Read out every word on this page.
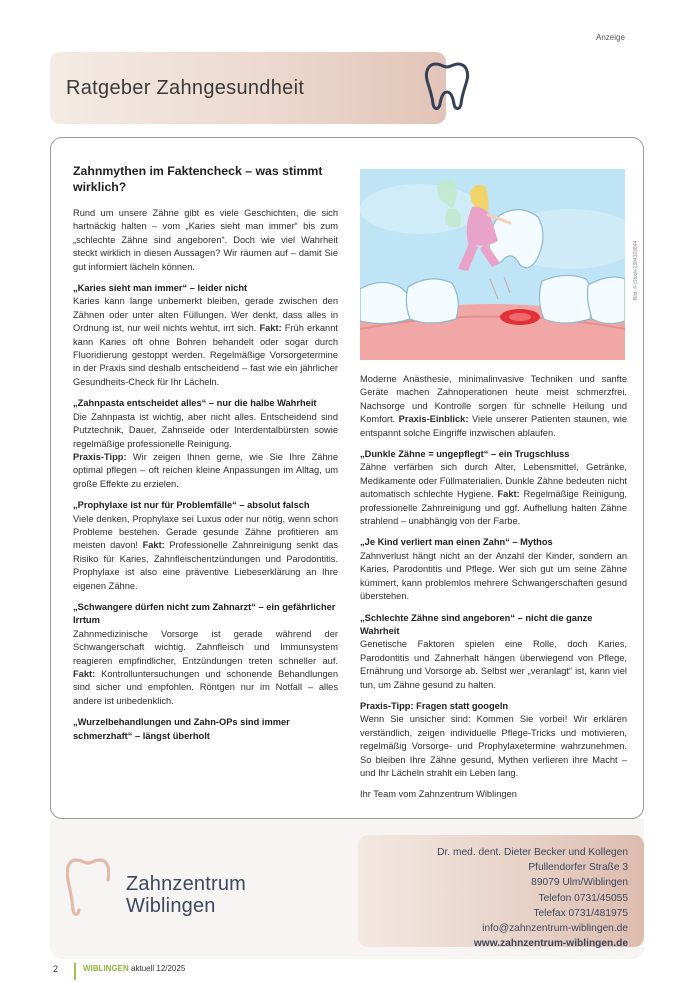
Anzeige
Ratgeber Zahngesundheit
Zahnmythen im Faktencheck – was stimmt wirklich?

Rund um unsere Zähne gibt es viele Geschichten, die sich hartnäckig halten – vom „Karies sieht man immer“ bis zum „schlechte Zähne sind angeboren“. Doch wie viel Wahrheit steckt wirklich in diesen Aussagen? Wir räumen auf – damit Sie gut informiert lächeln können.

„Karies sieht man immer“ – leider nicht

Karies kann lange unbemerkt bleiben, gerade zwischen den Zähnen oder unter alten Füllungen. Wer denkt, dass alles in Ordnung ist, nur weil nichts wehtut, irrt sich. Fakt: Früh erkannt kann Karies oft ohne Bohren behandelt oder sogar durch Fluoridierung gestoppt werden. Regelmäßige Vorsorgetermine in der Praxis sind deshalb entscheidend – fast wie ein jährlicher Gesundheits-Check für Ihr Lächeln.

„Zahnpasta entscheidet alles“ – nur die halbe Wahrheit

Die Zahnpasta ist wichtig, aber nicht alles. Entscheidend sind Putztechnik, Dauer, Zahnseide oder Interdentalbürsten sowie regelmäßige professionelle Reinigung.

Praxis-Tipp: Wir zeigen Ihnen gerne, wie Sie Ihre Zähne optimal pflegen – oft reichen kleine Anpassungen im Alltag, um große Effekte zu erzielen.

„Prophylaxe ist nur für Problemfälle“ – absolut falsch

Viele denken, Prophylaxe sei Luxus oder nur nötig, wenn schon Probleme bestehen. Gerade gesunde Zähne profitieren am meisten davon! Fakt: Professionelle Zahnreinigung senkt das Risiko für Karies, Zahnfleischentzündungen und Parodontitis. Prophylaxe ist also eine präventive Liebeserklärung an Ihre eigenen Zähne.

„Schwangere dürfen nicht zum Zahnarzt“ – ein gefährlicher Irrtum

Zahnmedizinische Vorsorge ist gerade während der Schwangerschaft wichtig. Zahnfleisch und Immunsystem reagieren empfindlicher, Entzündungen treten schneller auf. Fakt: Kontrolluntersuchungen und schonende Behandlungen sind sicher und empfohlen. Röntgen nur im Notfall – alles andere ist unbedenklich.

„Wurzelbehandlungen und Zahn-OPs sind immer schmerzhaft“ – längst überholt
Bild: © iStock-1304323844

Moderne Anästhesie, minimalinvasive Techniken und sanfte Geräte machen Zahnoperationen heute meist schmerzfrei. Nachsorge und Kontrolle sorgen für schnelle Heilung und Komfort. Praxis-Einblick: Viele unserer Patienten staunen, wie entspannt solche Eingriffe inzwischen ablaufen.

„Dunkle Zähne = ungepflegt“ – ein Trugschluss

Zähne verfärben sich durch Alter, Lebensmittel, Getränke, Medikamente oder Füllmaterialien. Dunkle Zähne bedeuten nicht automatisch schlechte Hygiene. Fakt: Regelmäßige Reinigung, professionelle Zahnreinigung und ggf. Aufhellung halten Zähne strahlend – unabhängig von der Farbe.

„Je Kind verliert man einen Zahn“ – Mythos

Zahnverlust hängt nicht an der Anzahl der Kinder, sondern an Karies, Parodontitis und Pflege. Wer sich gut um seine Zähne kümmert, kann problemlos mehrere Schwangerschaften gesund überstehen.

„Schlechte Zähne sind angeboren“ – nicht die ganze Wahrheit

Genetische Faktoren spielen eine Rolle, doch Karies, Parodontitis und Zahnerhalt hängen überwiegend von Pflege, Ernährung und Vorsorge ab. Selbst wer „veranlagt“ ist, kann viel tun, um Zähne gesund zu halten.

Praxis-Tipp: Fragen statt googeln

Wenn Sie unsicher sind: Kommen Sie vorbei! Wir erklären verständlich, zeigen individuelle Pflege-Tricks und motivieren, regelmäßig Vorsorge- und Prophylaxetermine wahrzunehmen. So bleiben Ihre Zähne gesund, Mythen verlieren ihre Macht – und Ihr Lächeln strahlt ein Leben lang.

Ihr Team vom Zahnzentrum Wiblingen

Zahnzentrum
Wiblingen
Dr. med. dent. Dieter Becker und Kollegen
Pfullendorfer Straße 3
89079 Ulm/Wiblingen
Telefon 0731/45055
Telefax 0731/481975
info@zahnzentrum-wiblingen.de
www.zahnzentrum-wiblingen.de
2	WIBLINGEN aktuell 12/2025
